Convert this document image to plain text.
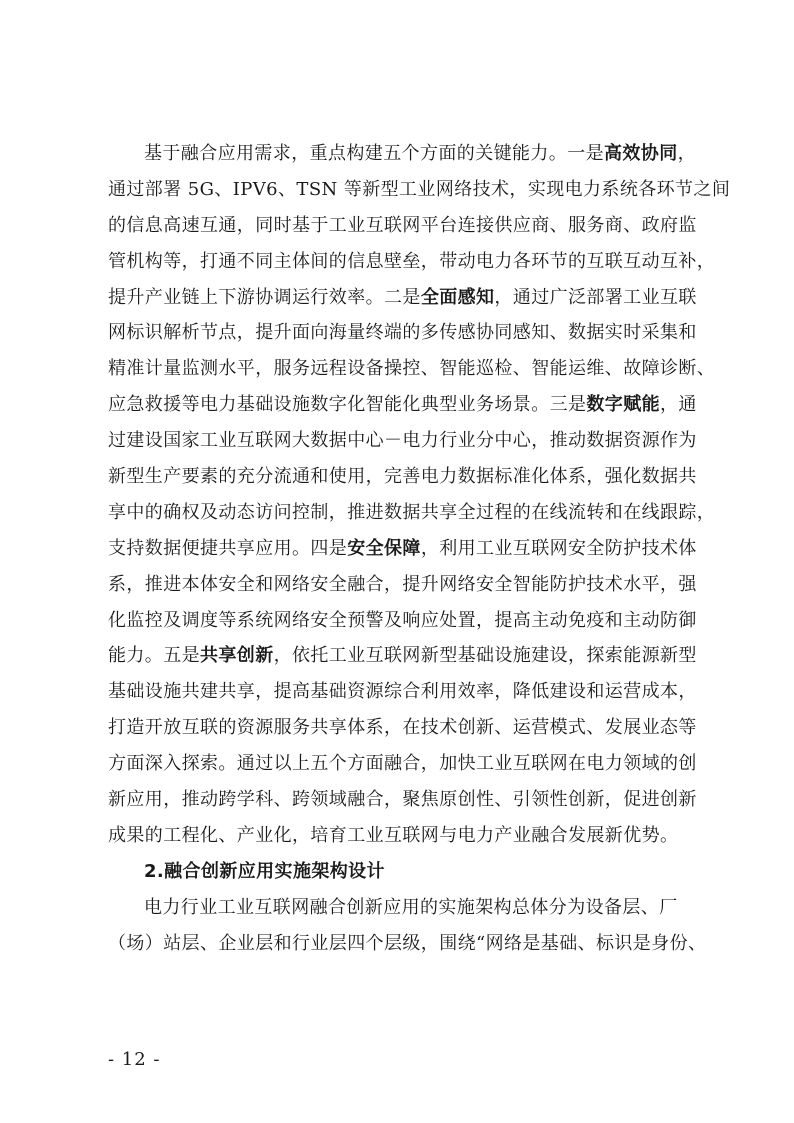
基于融合应用需求，重点构建五个方面的关键能力。一是高效协同，
通过部署 5G、IPV6、TSN 等新型工业网络技术，实现电力系统各环节之间
的信息高速互通，同时基于工业互联网平台连接供应商、服务商、政府监
管机构等，打通不同主体间的信息壁垒，带动电力各环节的互联互动互补，
提升产业链上下游协调运行效率。二是全面感知，通过广泛部署工业互联
网标识解析节点，提升面向海量终端的多传感协同感知、数据实时采集和
精准计量监测水平，服务远程设备操控、智能巡检、智能运维、故障诊断、
应急救援等电力基础设施数字化智能化典型业务场景。三是数字赋能，通
过建设国家工业互联网大数据中心－电力行业分中心，推动数据资源作为
新型生产要素的充分流通和使用，完善电力数据标准化体系，强化数据共
享中的确权及动态访问控制，推进数据共享全过程的在线流转和在线跟踪，
支持数据便捷共享应用。四是安全保障，利用工业互联网安全防护技术体
系，推进本体安全和网络安全融合，提升网络安全智能防护技术水平，强
化监控及调度等系统网络安全预警及响应处置，提高主动免疫和主动防御
能力。五是共享创新，依托工业互联网新型基础设施建设，探索能源新型
基础设施共建共享，提高基础资源综合利用效率，降低建设和运营成本，
打造开放互联的资源服务共享体系，在技术创新、运营模式、发展业态等
方面深入探索。通过以上五个方面融合，加快工业互联网在电力领域的创
新应用，推动跨学科、跨领域融合，聚焦原创性、引领性创新，促进创新
成果的工程化、产业化，培育工业互联网与电力产业融合发展新优势。
2.融合创新应用实施架构设计
电力行业工业互联网融合创新应用的实施架构总体分为设备层、厂
（场）站层、企业层和行业层四个层级，围绕“网络是基础、标识是身份、
- 12 -
